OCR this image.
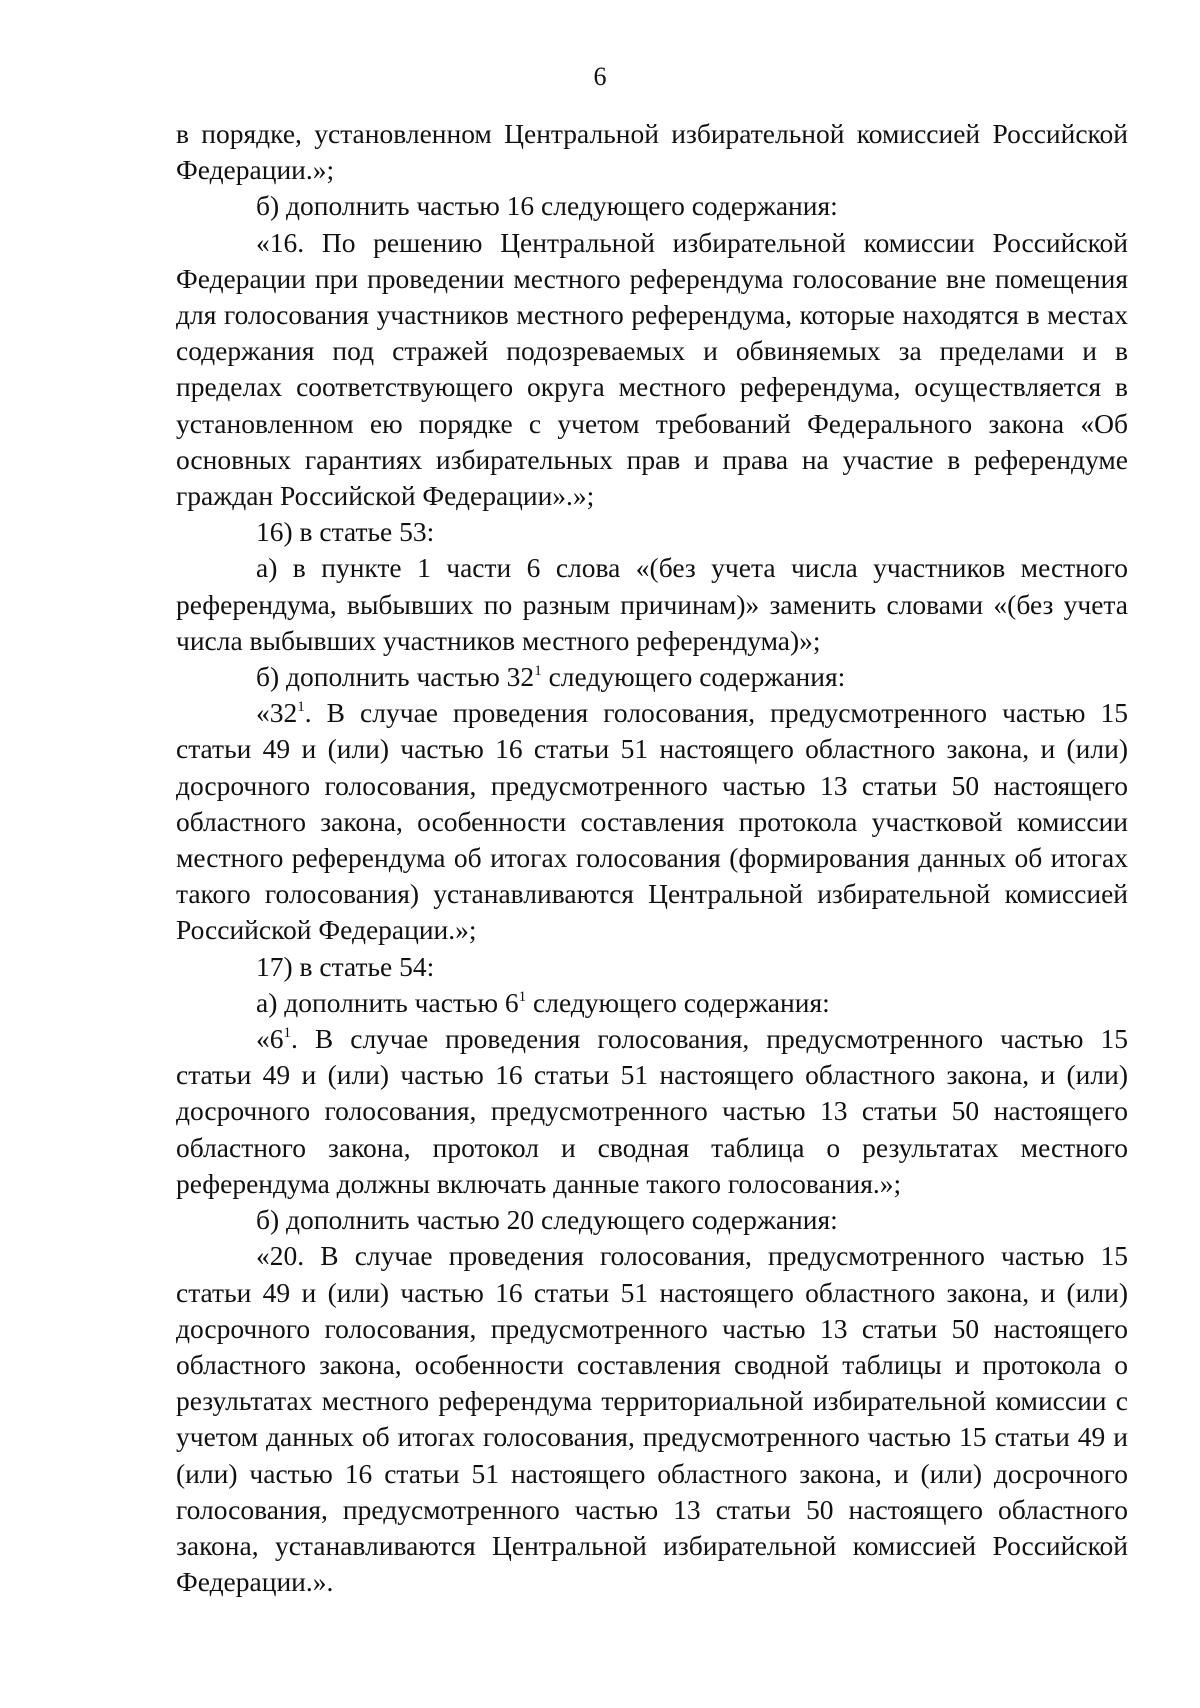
6

в порядке, установленном Центральной избирательной комиссией Российской Федерации.»;

б) дополнить частью 16 следующего содержания:

«16. По решению Центральной избирательной комиссии Российской Федерации при проведении местного референдума голосование вне помещения для голосования участников местного референдума, которые находятся в местах содержания под стражей подозреваемых и обвиняемых за пределами и в пределах соответствующего округа местного референдума, осуществляется в установленном ею порядке с учетом требований Федерального закона «Об основных гарантиях избирательных прав и права на участие в референдуме граждан Российской Федерации».»;

16) в статье 53:

а) в пункте 1 части 6 слова «(без учета числа участников местного референдума, выбывших по разным причинам)» заменить словами «(без учета числа выбывших участников местного референдума)»;

б) дополнить частью $32^1$ следующего содержания:

«$32^1$. В случае проведения голосования, предусмотренного частью 15 статьи 49 и (или) частью 16 статьи 51 настоящего областного закона, и (или) досрочного голосования, предусмотренного частью 13 статьи 50 настоящего областного закона, особенности составления протокола участковой комиссии местного референдума об итогах голосования (формирования данных об итогах такого голосования) устанавливаются Центральной избирательной комиссией Российской Федерации.»;

17) в статье 54:

а) дополнить частью $6^1$ следующего содержания:

«$6^1$. В случае проведения голосования, предусмотренного частью 15 статьи 49 и (или) частью 16 статьи 51 настоящего областного закона, и (или) досрочного голосования, предусмотренного частью 13 статьи 50 настоящего областного закона, протокол и сводная таблица о результатах местного референдума должны включать данные такого голосования.»;

б) дополнить частью 20 следующего содержания:

«20. В случае проведения голосования, предусмотренного частью 15 статьи 49 и (или) частью 16 статьи 51 настоящего областного закона, и (или) досрочного голосования, предусмотренного частью 13 статьи 50 настоящего областного закона, особенности составления сводной таблицы и протокола о результатах местного референдума территориальной избирательной комиссии с учетом данных об итогах голосования, предусмотренного частью 15 статьи 49 и (или) частью 16 статьи 51 настоящего областного закона, и (или) досрочного голосования, предусмотренного частью 13 статьи 50 настоящего областного закона, устанавливаются Центральной избирательной комиссией Российской Федерации.».
